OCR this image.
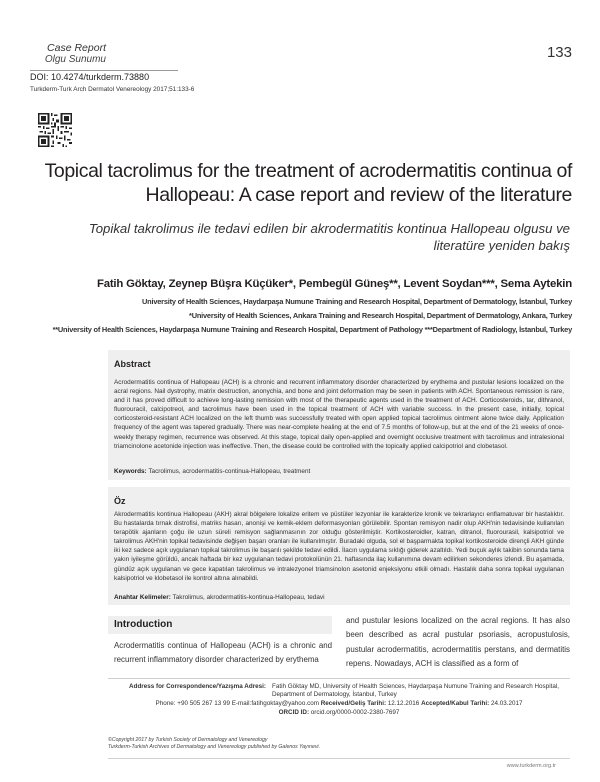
Case Report
Olgu Sunumu	133
DOI: 10.4274/turkderm.73880
Turkderm-Turk Arch Dermatol Venereology 2017;51:133-6
Topical tacrolimus for the treatment of acrodermatitis continua of Hallopeau: A case report and review of the literature
Topikal takrolimus ile tedavi edilen bir akrodermatitis kontinua Hallopeau olgusu ve literatüre yeniden bakış
Fatih Göktay, Zeynep Büşra Küçüker*, Pembegül Güneş**, Levent Soydan***, Sema Aytekin
University of Health Sciences, Haydarpaşa Numune Training and Research Hospital, Department of Dermatology, İstanbul, Turkey
*University of Health Sciences, Ankara Training and Research Hospital, Department of Dermatology, Ankara, Turkey
**University of Health Sciences, Haydarpaşa Numune Training and Research Hospital, Department of Pathology ***Department of Radiology, İstanbul, Turkey
Abstract
Acrodermatitis continua of Hallopeau (ACH) is a chronic and recurrent inflammatory disorder characterized by erythema and pustular lesions localized on the acral regions. Nail dystrophy, matrix destruction, anonychia, and bone and joint deformation may be seen in patients with ACH. Spontaneous remission is rare, and it has proved difficult to achieve long-lasting remission with most of the therapeutic agents used in the treatment of ACH. Corticosteroids, tar, dithranol, fluorouracil, calcipotreol, and tacrolimus have been used in the topical treatment of ACH with variable success. In the present case, initially, topical corticosteroid-resistant ACH localized on the left thumb was successfully treated with open applied topical tacrolimus ointment alone twice daily. Application frequency of the agent was tapered gradually. There was near-complete healing at the end of 7.5 months of follow-up, but at the end of the 21 weeks of once-weekly therapy regimen, recurrence was observed. At this stage, topical daily open-applied and overnight occlusive treatment with tacrolimus and intralesional triamcinolone acetonide injection was ineffective. Then, the disease could be controlled with the topically applied calcipotriol and clobetasol.
Keywords: Tacrolimus, acrodermatitis-continua-Hallopeau, treatment
Öz
Akrodermatitis kontinua Hallopeau (AKH) akral bölgelere lokalize eritem ve püstüler lezyonlar ile karakterize kronik ve tekrarlayıcı enflamatuvar bir hastalıktır. Bu hastalarda tırnak distrofisi, matriks hasarı, anonişi ve kemik-eklem deformasyonları görülebilir. Spontan remisyon nadir olup AKH'nin tedavisinde kullanılan terapötik ajanların çoğu ile uzun süreli remisyon sağlanmasının zor olduğu gösterilmiştir. Kortikosteroidler, katran, ditranol, fluorourasil, kalsipotriol ve takrolimus AKH'nin topikal tedavisinde değişen başarı oranları ile kullanılmıştır. Buradaki olguda, sol el başparmakta topikal kortikosteroide dirençli AKH günde iki kez sadece açık uygulanan topikal takrolimus ile başarılı şekilde tedavi edildi. İlacın uygulama sıklığı giderek azaltıldı. Yedi buçuk aylık takibin sonunda tama yakın iyileşme görüldü, ancak haftada bir kez uygulanan tedavi protokolünün 21. haftasında ilaç kullanımına devam edilirken sekonderes izlendi. Bu aşamada, gündüz açık uygulanan ve gece kapatılan takrolimus ve intralezyonel triamsinolon asetonid enjeksiyonu etkili olmadı. Hastalık daha sonra topikal uygulanan kalsipotriol ve klobetasol ile kontrol altına alınabildi.
Anahtar Kelimeler: Takrolimus, akrodermatitis-kontinua-Hallopeau, tedavi
Introduction
Acrodermatitis continua of Hallopeau (ACH) is a chronic and recurrent inflammatory disorder characterized by erythema
and pustular lesions localized on the acral regions. It has also been described as acral pustular psoriasis, acropustulosis, pustular acrodermatitis, acrodermatitis perstans, and dermatitis repens. Nowadays, ACH is classified as a form of
Address for Correspondence/Yazışma Adresi: Fatih Göktay MD, University of Health Sciences, Haydarpaşa Numune Training and Research Hospital, Department of Dermatology, İstanbul, Turkey
Phone: +90 505 267 13 99 E-mail:fatihgoktay@yahoo.com Received/Geliş Tarihi: 12.12.2016 Accepted/Kabul Tarihi: 24.03.2017
ORCID ID: orcid.org/0000-0002-2380-7697
©Copyright 2017 by Turkish Society of Dermatology and Venereology
Turkderm-Turkish Archives of Dermatology and Venereology published by Galenos Yayınevi.
www.turkderm.org.tr
